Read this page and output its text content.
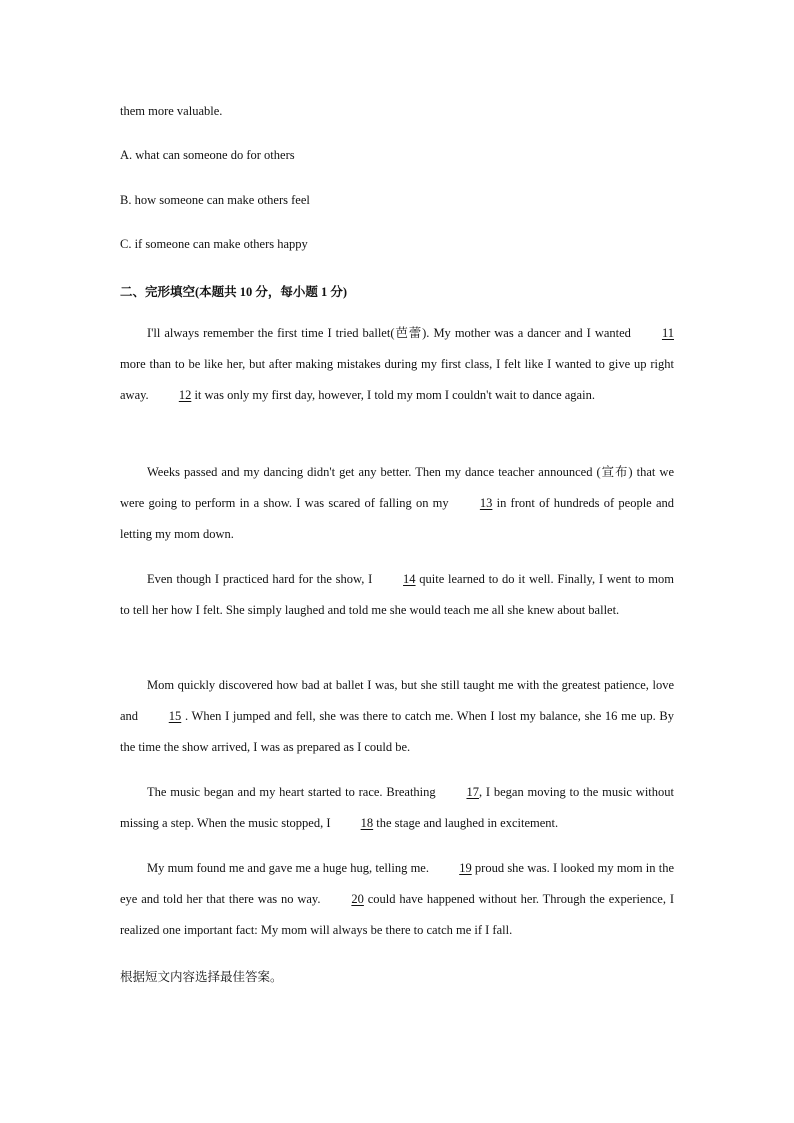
them more valuable.
A. what can someone do for others
B. how someone can make others feel
C. if someone can make others happy
二、完形填空(本题共 10 分，每小题 1 分)
I'll always remember the first time I tried ballet(芭蕾). My mother was a dancer and I wanted 11 more than to be like her, but after making mistakes during my first class, I felt like I wanted to give up right away. 12 it was only my first day, however, I told my mom I couldn't wait to dance again.
Weeks passed and my dancing didn't get any better. Then my dance teacher announced (宣布) that we were going to perform in a show. I was scared of falling on my 13 in front of hundreds of people and letting my mom down.
Even though I practiced hard for the show, I 14 quite learned to do it well. Finally, I went to mom to tell her how I felt. She simply laughed and told me she would teach me all she knew about ballet.
Mom quickly discovered how bad at ballet I was, but she still taught me with the greatest patience, love and 15 . When I jumped and fell, she was there to catch me. When I lost my balance, she 16 me up. By the time the show arrived, I was as prepared as I could be.
The music began and my heart started to race. Breathing 17, I began moving to the music without missing a step. When the music stopped, I 18 the stage and laughed in excitement.
My mum found me and gave me a huge hug, telling me. 19 proud she was. I looked my mom in the eye and told her that there was no way. 20 could have happened without her. Through the experience, I realized one important fact: My mom will always be there to catch me if I fall.
根据短文内容选择最佳答案。
